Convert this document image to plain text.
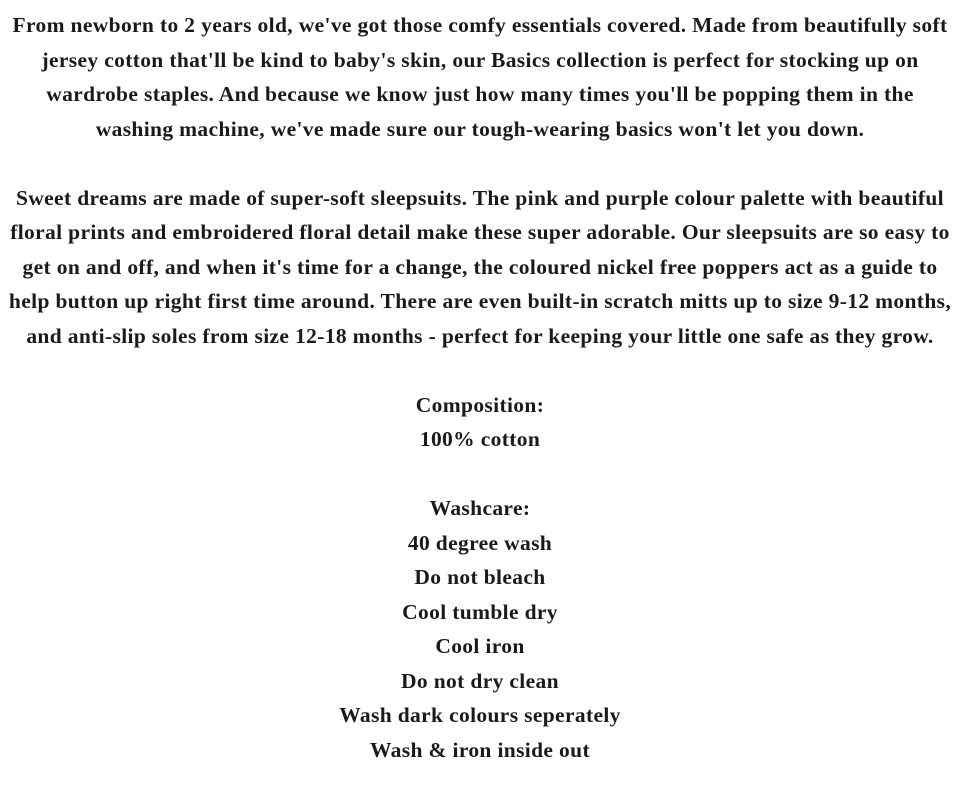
From newborn to 2 years old, we've got those comfy essentials covered. Made from beautifully soft jersey cotton that'll be kind to baby's skin, our Basics collection is perfect for stocking up on wardrobe staples. And because we know just how many times you'll be popping them in the washing machine, we've made sure our tough-wearing basics won't let you down.

Sweet dreams are made of super-soft sleepsuits. The pink and purple colour palette with beautiful floral prints and embroidered floral detail make these super adorable. Our sleepsuits are so easy to get on and off, and when it's time for a change, the coloured nickel free poppers act as a guide to help button up right first time around. There are even built-in scratch mitts up to size 9-12 months, and anti-slip soles from size 12-18 months - perfect for keeping your little one safe as they grow.

Composition:
100% cotton
Washcare:
40 degree wash
Do not bleach
Cool tumble dry
Cool iron
Do not dry clean
Wash dark colours seperately
Wash & iron inside out
